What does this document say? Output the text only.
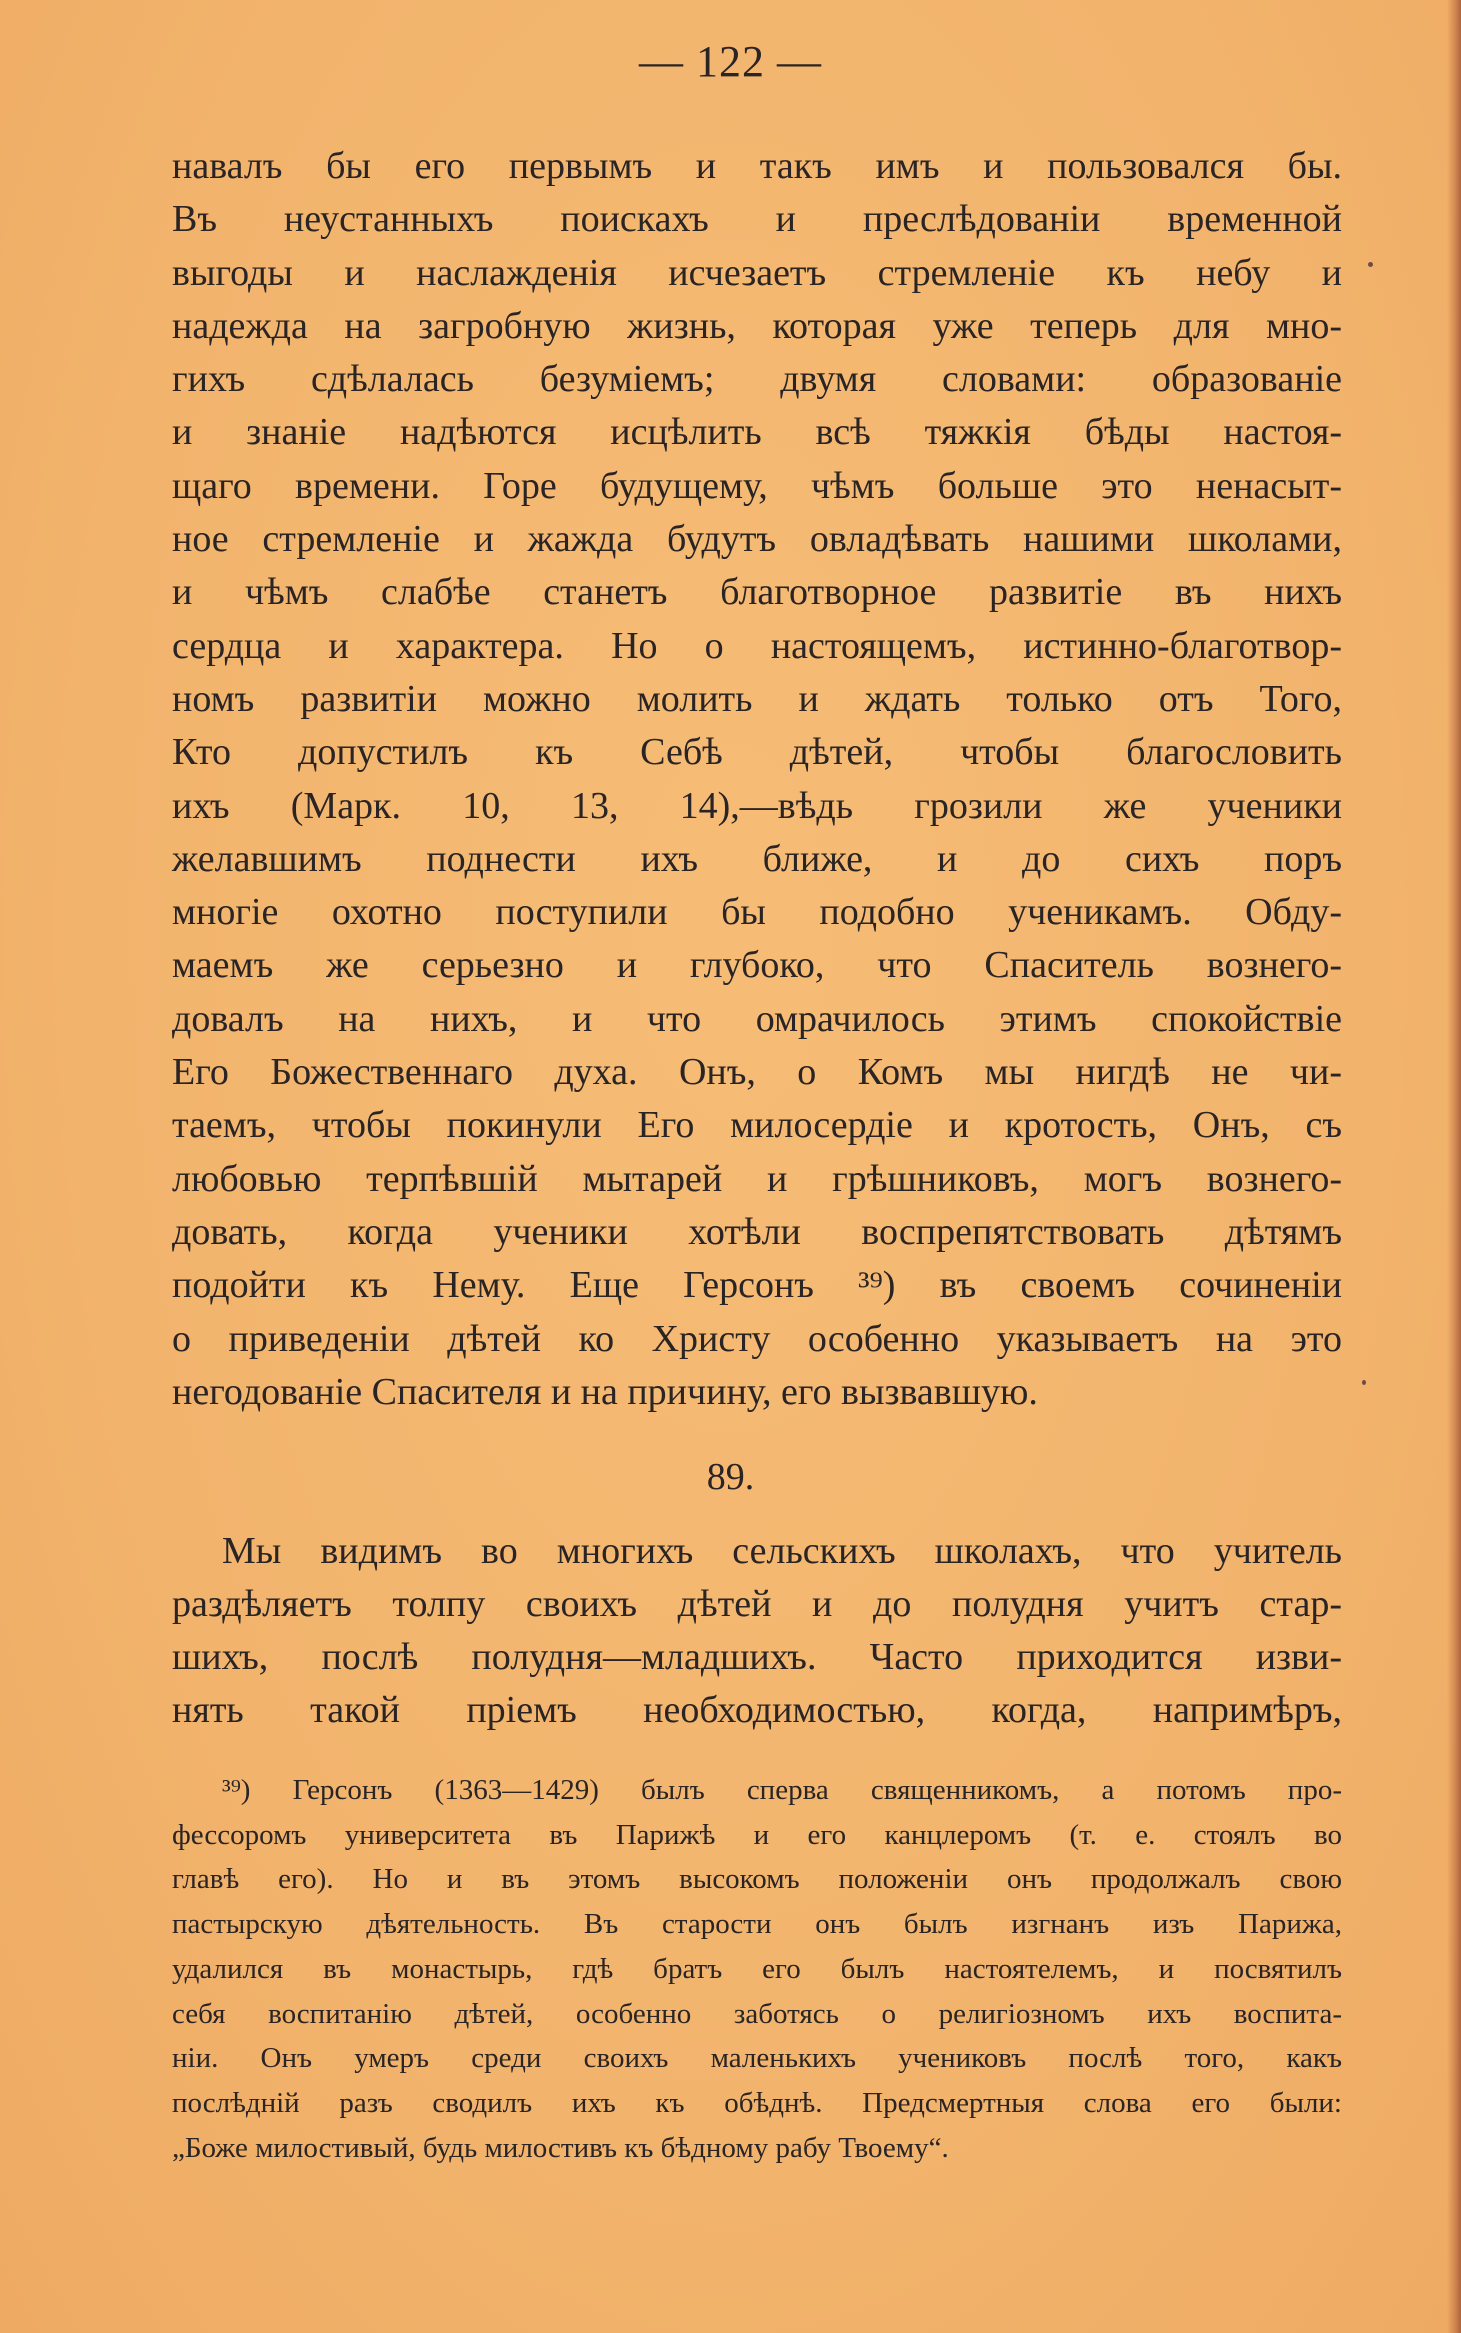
— 122 —
навалъ бы его первымъ и такъ имъ и пользовался бы.
Въ неустанныхъ поискахъ и преслѣдованіи временной
выгоды и наслажденія исчезаетъ стремленіе къ небу и
надежда на загробную жизнь, которая уже теперь для мно-
гихъ сдѣлалась безуміемъ; двумя словами: образованіе
и знаніе надѣются исцѣлить всѣ тяжкія бѣды настоя-
щаго времени. Горе будущему, чѣмъ больше это ненасыт-
ное стремленіе и жажда будутъ овладѣвать нашими школами,
и чѣмъ слабѣе станетъ благотворное развитіе въ нихъ
сердца и характера. Но о настоящемъ, истинно-благотвор-
номъ развитіи можно молить и ждать только отъ Того,
Кто допустилъ къ Себѣ дѣтей, чтобы благословить
ихъ (Марк. 10, 13, 14),—вѣдь грозили же ученики
желавшимъ поднести ихъ ближе, и до сихъ поръ
многіе охотно поступили бы подобно ученикамъ. Обду-
маемъ же серьезно и глубоко, что Спаситель вознего-
довалъ на нихъ, и что омрачилось этимъ спокойствіе
Его Божественнаго духа. Онъ, о Комъ мы нигдѣ не чи-
таемъ, чтобы покинули Его милосердіе и кротость, Онъ, съ
любовью терпѣвшій мытарей и грѣшниковъ, могъ вознего-
довать, когда ученики хотѣли воспрепятствовать дѣтямъ
подойти къ Нему. Еще Герсонъ ³⁹) въ своемъ сочиненіи
о приведеніи дѣтей ко Христу особенно указываетъ на это
негодованіе Спасителя и на причину, его вызвавшую.
89.
Мы видимъ во многихъ сельскихъ школахъ, что учитель
раздѣляетъ толпу своихъ дѣтей и до полудня учитъ стар-
шихъ, послѣ полудня—младшихъ. Часто приходится изви-
нять такой пріемъ необходимостью, когда, напримѣръ,
³⁹) Герсонъ (1363—1429) былъ сперва священникомъ, а потомъ про-
фессоромъ университета въ Парижѣ и его канцлеромъ (т. е. стоялъ во
главѣ его). Но и въ этомъ высокомъ положеніи онъ продолжалъ свою
пастырскую дѣятельность. Въ старости онъ былъ изгнанъ изъ Парижа,
удалился въ монастырь, гдѣ братъ его былъ настоятелемъ, и посвятилъ
себя воспитанію дѣтей, особенно заботясь о религіозномъ ихъ воспита-
ніи. Онъ умеръ среди своихъ маленькихъ учениковъ послѣ того, какъ
послѣдній разъ сводилъ ихъ къ обѣднѣ. Предсмертныя слова его были:
„Боже милостивый, будь милостивъ къ бѣдному рабу Твоему“.
